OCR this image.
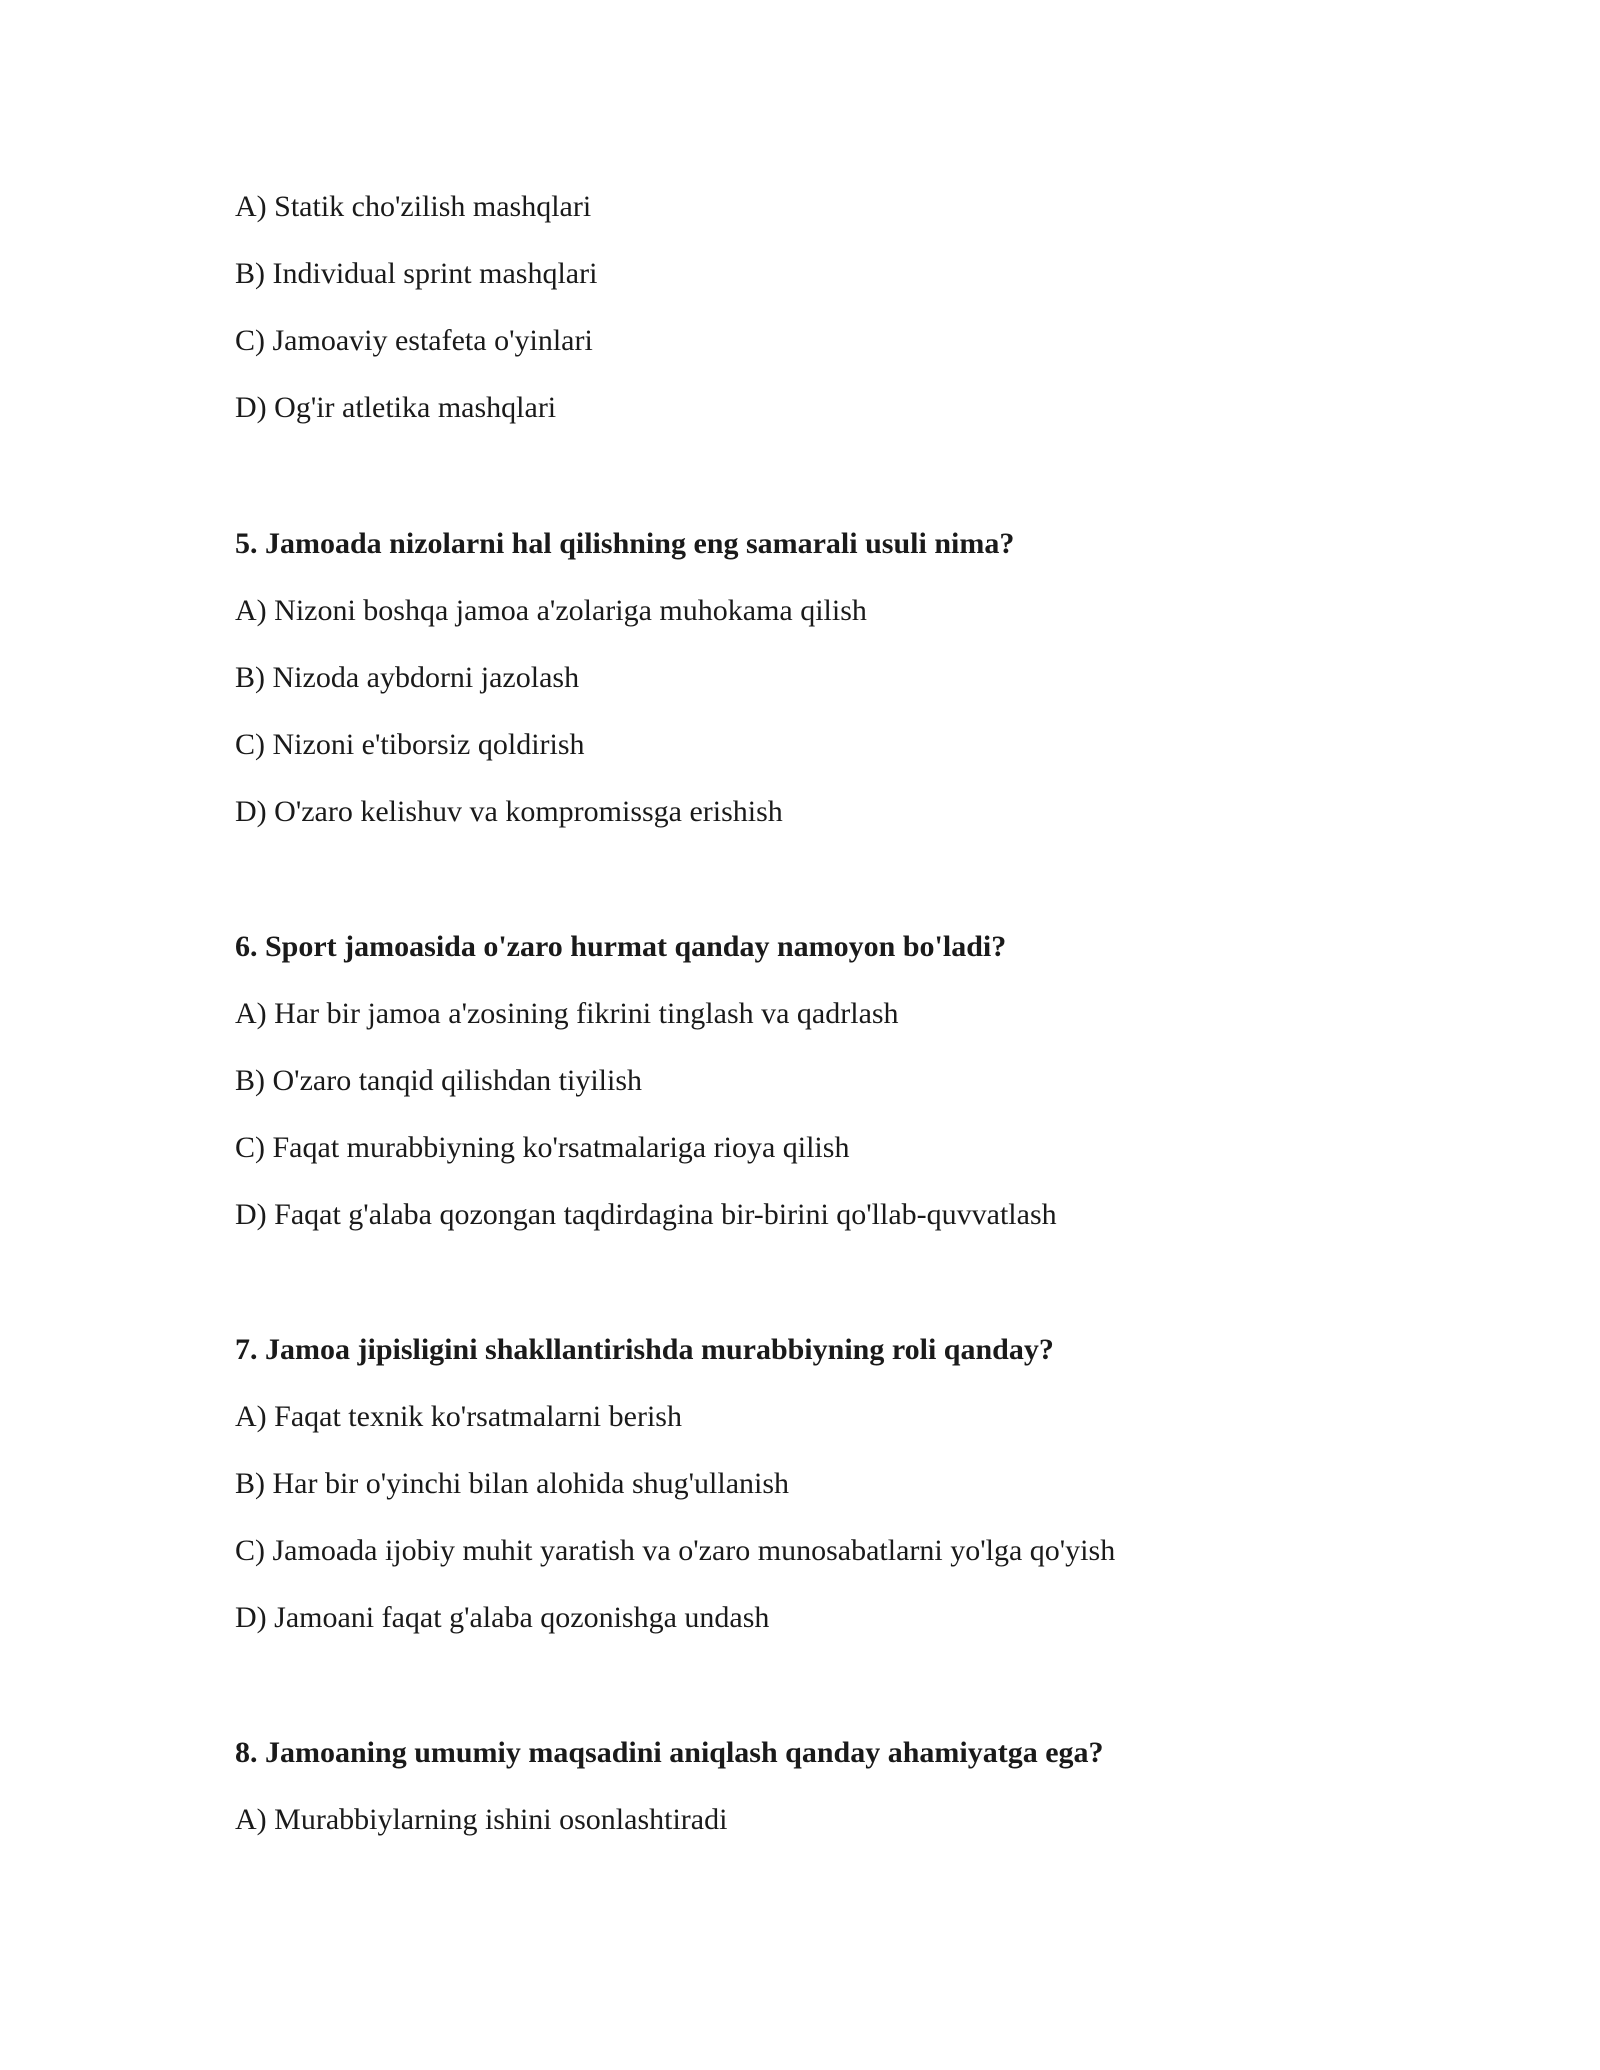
A) Statik cho'zilish mashqlari
B) Individual sprint mashqlari
C) Jamoaviy estafeta o'yinlari
D) Og'ir atletika mashqlari
5. Jamoada nizolarni hal qilishning eng samarali usuli nima?
A) Nizoni boshqa jamoa a'zolariga muhokama qilish
B) Nizoda aybdorni jazolash
C) Nizoni e'tiborsiz qoldirish
D) O'zaro kelishuv va kompromissga erishish
6. Sport jamoasida o'zaro hurmat qanday namoyon bo'ladi?
A) Har bir jamoa a'zosining fikrini tinglash va qadrlash
B) O'zaro tanqid qilishdan tiyilish
C) Faqat murabbiyning ko'rsatmalariga rioya qilish
D) Faqat g'alaba qozongan taqdirdagina bir-birini qo'llab-quvvatlash
7. Jamoa jipisligini shakllantirishda murabbiyning roli qanday?
A) Faqat texnik ko'rsatmalarni berish
B) Har bir o'yinchi bilan alohida shug'ullanish
C) Jamoada ijobiy muhit yaratish va o'zaro munosabatlarni yo'lga qo'yish
D) Jamoani faqat g'alaba qozonishga undash
8. Jamoaning umumiy maqsadini aniqlash qanday ahamiyatga ega?
A) Murabbiylarning ishini osonlashtiradi
